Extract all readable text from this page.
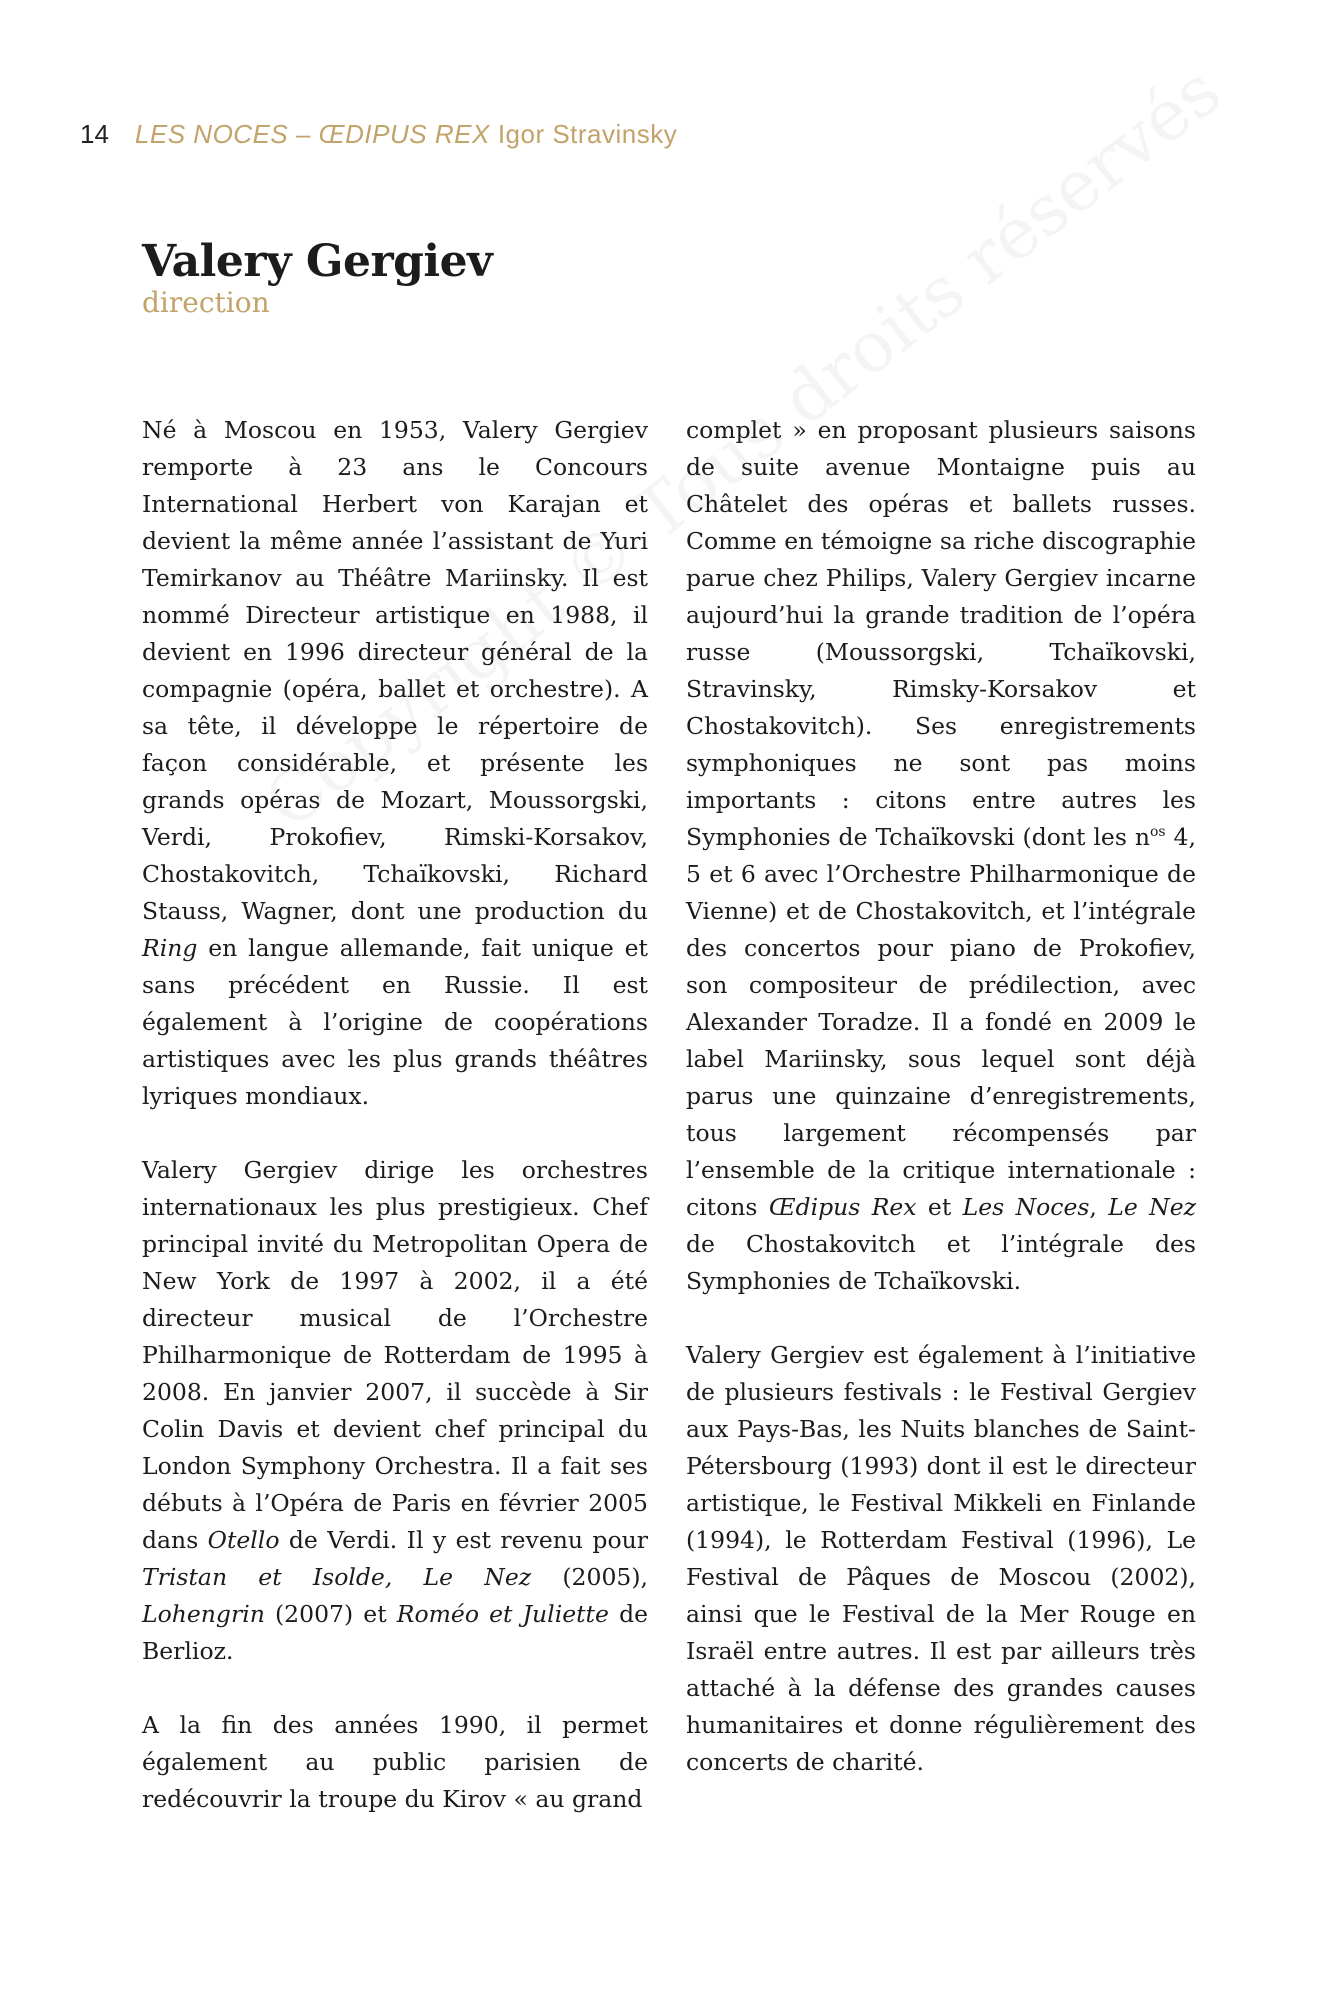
14 LES NOCES – ŒDIPUS REX Igor Stravinsky
Valery Gergiev
direction

Né à Moscou en 1953, Valery Gergiev remporte à 23 ans le Concours International Herbert von Karajan et devient la même année l’assistant de Yuri Temirkanov au Théâtre Mariinsky. Il est nommé Directeur artistique en 1988, il devient en 1996 directeur général de la compagnie (opéra, ballet et orchestre). A sa tête, il développe le répertoire de façon considérable, et présente les grands opéras de Mozart, Moussorgski, Verdi, Prokofiev, Rimski-Korsakov, Chostakovitch, Tchaïkovski, Richard Stauss, Wagner, dont une production du Ring en langue allemande, fait unique et sans précédent en Russie. Il est également à l’origine de coopérations artistiques avec les plus grands théâtres lyriques mondiaux.

Valery Gergiev dirige les orchestres internationaux les plus prestigieux. Chef principal invité du Metropolitan Opera de New York de 1997 à 2002, il a été directeur musical de l’Orchestre Philharmonique de Rotterdam de 1995 à 2008. En janvier 2007, il succède à Sir Colin Davis et devient chef principal du London Symphony Orchestra. Il a fait ses débuts à l’Opéra de Paris en février 2005 dans Otello de Verdi. Il y est revenu pour Tristan et Isolde, Le Nez (2005), Lohengrin (2007) et Roméo et Juliette de Berlioz.

A la fin des années 1990, il permet également au public parisien de redécouvrir la troupe du Kirov « au grand

complet » en proposant plusieurs saisons de suite avenue Montaigne puis au Châtelet des opéras et ballets russes. Comme en témoigne sa riche discographie parue chez Philips, Valery Gergiev incarne aujourd’hui la grande tradition de l’opéra russe (Moussorgski, Tchaïkovski, Stravinsky, Rimsky-Korsakov et Chostakovitch). Ses enregistrements symphoniques ne sont pas moins importants : citons entre autres les Symphonies de Tchaïkovski (dont les $n^{os}$ 4, 5 et 6 avec l’Orchestre Philharmonique de Vienne) et de Chostakovitch, et l’intégrale des concertos pour piano de Prokofiev, son compositeur de prédilection, avec Alexander Toradze. Il a fondé en 2009 le label Mariinsky, sous lequel sont déjà parus une quinzaine d’enregistrements, tous largement récompensés par l’ensemble de la critique internationale : citons Œdipus Rex et Les Noces, Le Nez de Chostakovitch et l’intégrale des Symphonies de Tchaïkovski.

Valery Gergiev est également à l’initiative de plusieurs festivals : le Festival Gergiev aux Pays-Bas, les Nuits blanches de Saint-Pétersbourg (1993) dont il est le directeur artistique, le Festival Mikkeli en Finlande (1994), le Rotterdam Festival (1996), Le Festival de Pâques de Moscou (2002), ainsi que le Festival de la Mer Rouge en Israël entre autres. Il est par ailleurs très attaché à la défense des grandes causes humanitaires et donne régulièrement des concerts de charité.
